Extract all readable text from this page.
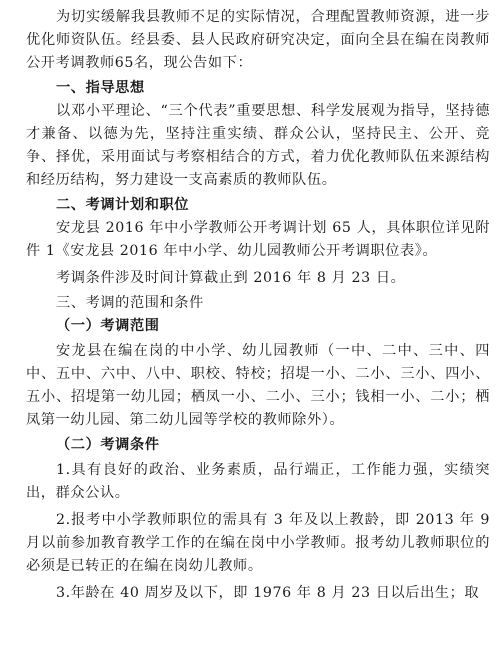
为切实缓解我县教师不足的实际情况，合理配置教师资源，进一步优化师资队伍。经县委、县人民政府研究决定，面向全县在编在岗教师公开考调教师65名，现公告如下：

一、指导思想

以邓小平理论、“三个代表”重要思想、科学发展观为指导，坚持德才兼备、以德为先，坚持注重实绩、群众公认，坚持民主、公开、竞争、择优，采用面试与考察相结合的方式，着力优化教师队伍来源结构和经历结构，努力建设一支高素质的教师队伍。

二、考调计划和职位

安龙县 2016 年中小学教师公开考调计划 65 人，具体职位详见附件 1《安龙县 2016 年中小学、幼儿园教师公开考调职位表》。

考调条件涉及时间计算截止到 2016 年 8 月 23 日。

三、考调的范围和条件

（一）考调范围

安龙县在编在岗的中小学、幼儿园教师（一中、二中、三中、四中、五中、六中、八中、职校、特校；招堤一小、二小、三小、四小、五小、招堤第一幼儿园；栖凤一小、二小、三小；钱相一小、二小；栖凤第一幼儿园、第二幼儿园等学校的教师除外）。

（二）考调条件

1.具有良好的政治、业务素质，品行端正，工作能力强，实绩突出，群众公认。

2.报考中小学教师职位的需具有 3 年及以上教龄，即 2013 年 9 月以前参加教育教学工作的在编在岗中小学教师。报考幼儿教师职位的必须是已转正的在编在岗幼儿教师。

3.年龄在 40 周岁及以下，即 1976 年 8 月 23 日以后出生；取
